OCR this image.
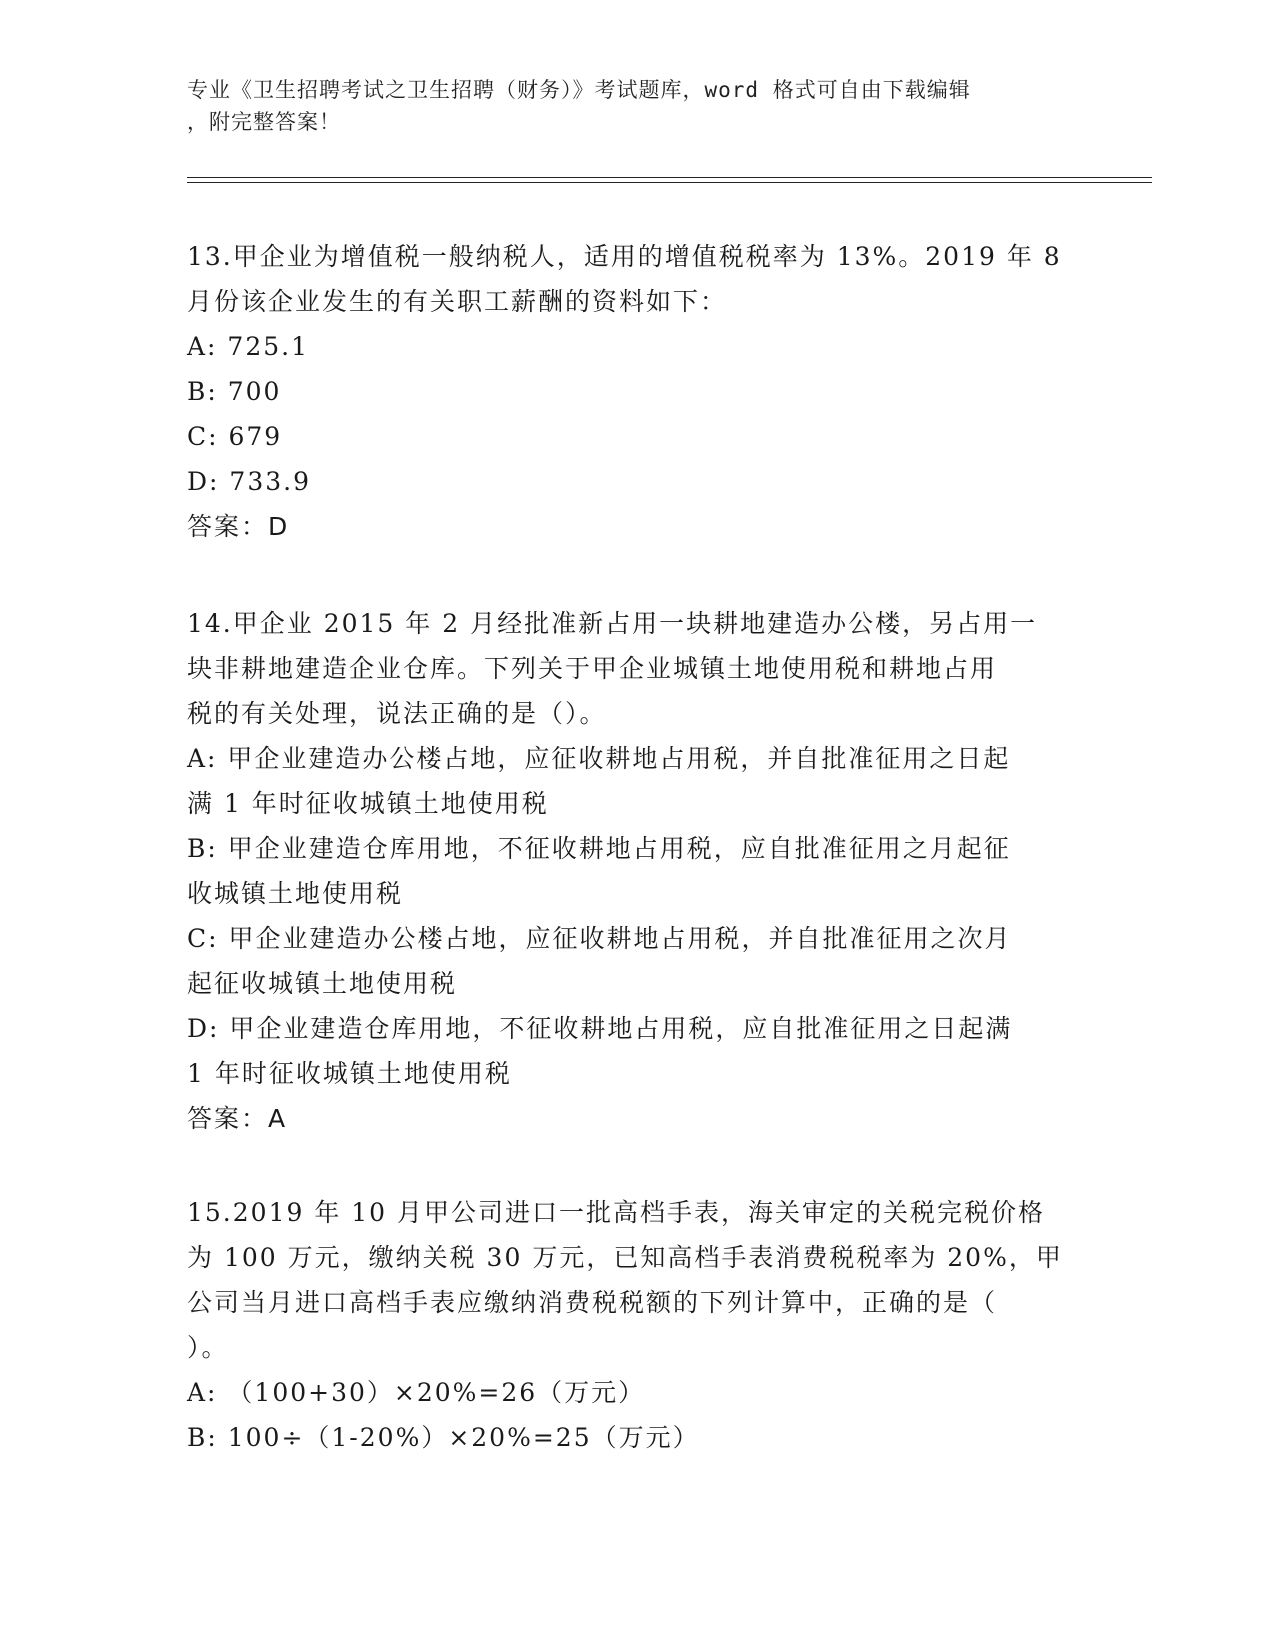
专业《卫生招聘考试之卫生招聘（财务）》考试题库，word 格式可自由下载编辑
，附完整答案！
13.甲企业为增值税一般纳税人，适用的增值税税率为 13%。2019 年 8
月份该企业发生的有关职工薪酬的资料如下：
A: 725.1
B: 700
C: 679
D: 733.9
答案：D
14.甲企业 2015 年 2 月经批准新占用一块耕地建造办公楼，另占用一
块非耕地建造企业仓库。下列关于甲企业城镇土地使用税和耕地占用
税的有关处理，说法正确的是（）。
A: 甲企业建造办公楼占地，应征收耕地占用税，并自批准征用之日起
满 1 年时征收城镇土地使用税
B: 甲企业建造仓库用地，不征收耕地占用税，应自批准征用之月起征
收城镇土地使用税
C: 甲企业建造办公楼占地，应征收耕地占用税，并自批准征用之次月
起征收城镇土地使用税
D: 甲企业建造仓库用地，不征收耕地占用税，应自批准征用之日起满
1 年时征收城镇土地使用税
答案：A
15.2019 年 10 月甲公司进口一批高档手表，海关审定的关税完税价格
为 100 万元，缴纳关税 30 万元，已知高档手表消费税税率为 20%，甲
公司当月进口高档手表应缴纳消费税税额的下列计算中，正确的是（
）。
A: （100+30）×20%=26（万元）
B: 100÷（1-20%）×20%=25（万元）
